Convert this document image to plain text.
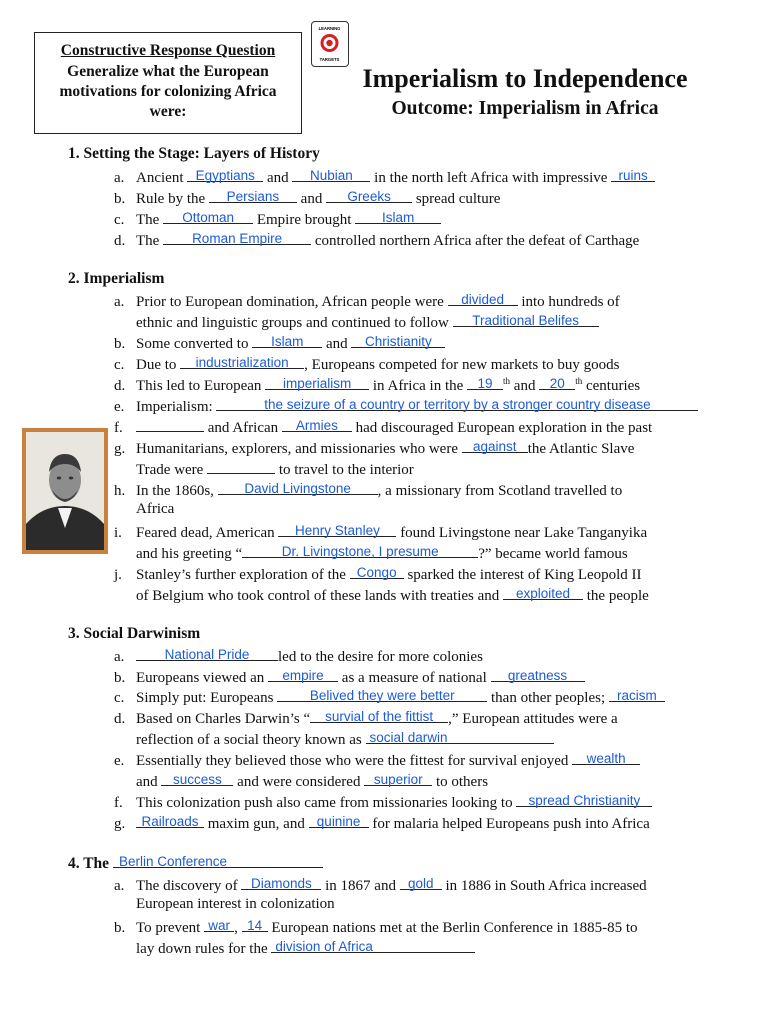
Constructive Response Question
Generalize what the European motivations for colonizing Africa were:
LEARNING
TARGETS
Imperialism to Independence
Outcome: Imperialism in Africa
1. Setting the Stage: Layers of History
a. Ancient Egyptians and	Nubian	in the north left Africa with impressive ruins
b. Rule by the	Persians	and	Greeks	spread culture
c. The	Ottoman	Empire brought	Islam
d. The	Roman Empire	controlled northern Africa after the defeat of Carthage
2. Imperialism
a. Prior to European domination, African people were	divided	into hundreds of
ethnic and linguistic groups and continued to follow	Traditional Belifes
b. Some converted to	Islam	and	Christianity
c. Due to	industrialization	, Europeans competed for new markets to buy goods
d. This led to European	imperialism	in Africa in the	19	$^{th}$ and	20	$^{th}$ centuries
e. Imperialism:	the seizure of a country or territory by a stronger country disease
f.	and African	Armies	had discouraged European exploration in the past
g. Humanitarians, explorers, and missionaries who were	against the Atlantic Slave
Trade were	to travel to the interior
h. In the 1860s,	David Livingstone	, a missionary from Scotland travelled to
Africa
i. Feared dead, American	Henry Stanley	found Livingstone near Lake Tanganyika
and his greeting “	Dr. Livingstone, I presume	?” became world famous
j. Stanley’s further exploration of the Congo sparked the interest of King Leopold II
of Belgium who took control of these lands with treaties and	exploited	the people
3. Social Darwinism
a.	National Pride	led to the desire for more colonies
b. Europeans viewed an	empire	as a measure of national	greatness
c. Simply put: Europeans	Belived they were better	than other peoples; racism
d. Based on Charles Darwin’s “	survial of the fittist ,” European attitudes were a
reflection of a social theory known as social darwin
e. Essentially they believed those who were the fittest for survival enjoyed	wealth
and	success	and were considered superior to others
f. This colonization push also came from missionaries looking to	spread Christianity
g.	Railroads maxim gun, and quinine for malaria helped Europeans push into Africa
4. The Berlin Conference
a. The discovery of Diamonds in 1867 and gold in 1886 in South Africa increased
European interest in colonization
b. To prevent war , 14 European nations met at the Berlin Conference in 1885-85 to
lay down rules for the division of Africa
